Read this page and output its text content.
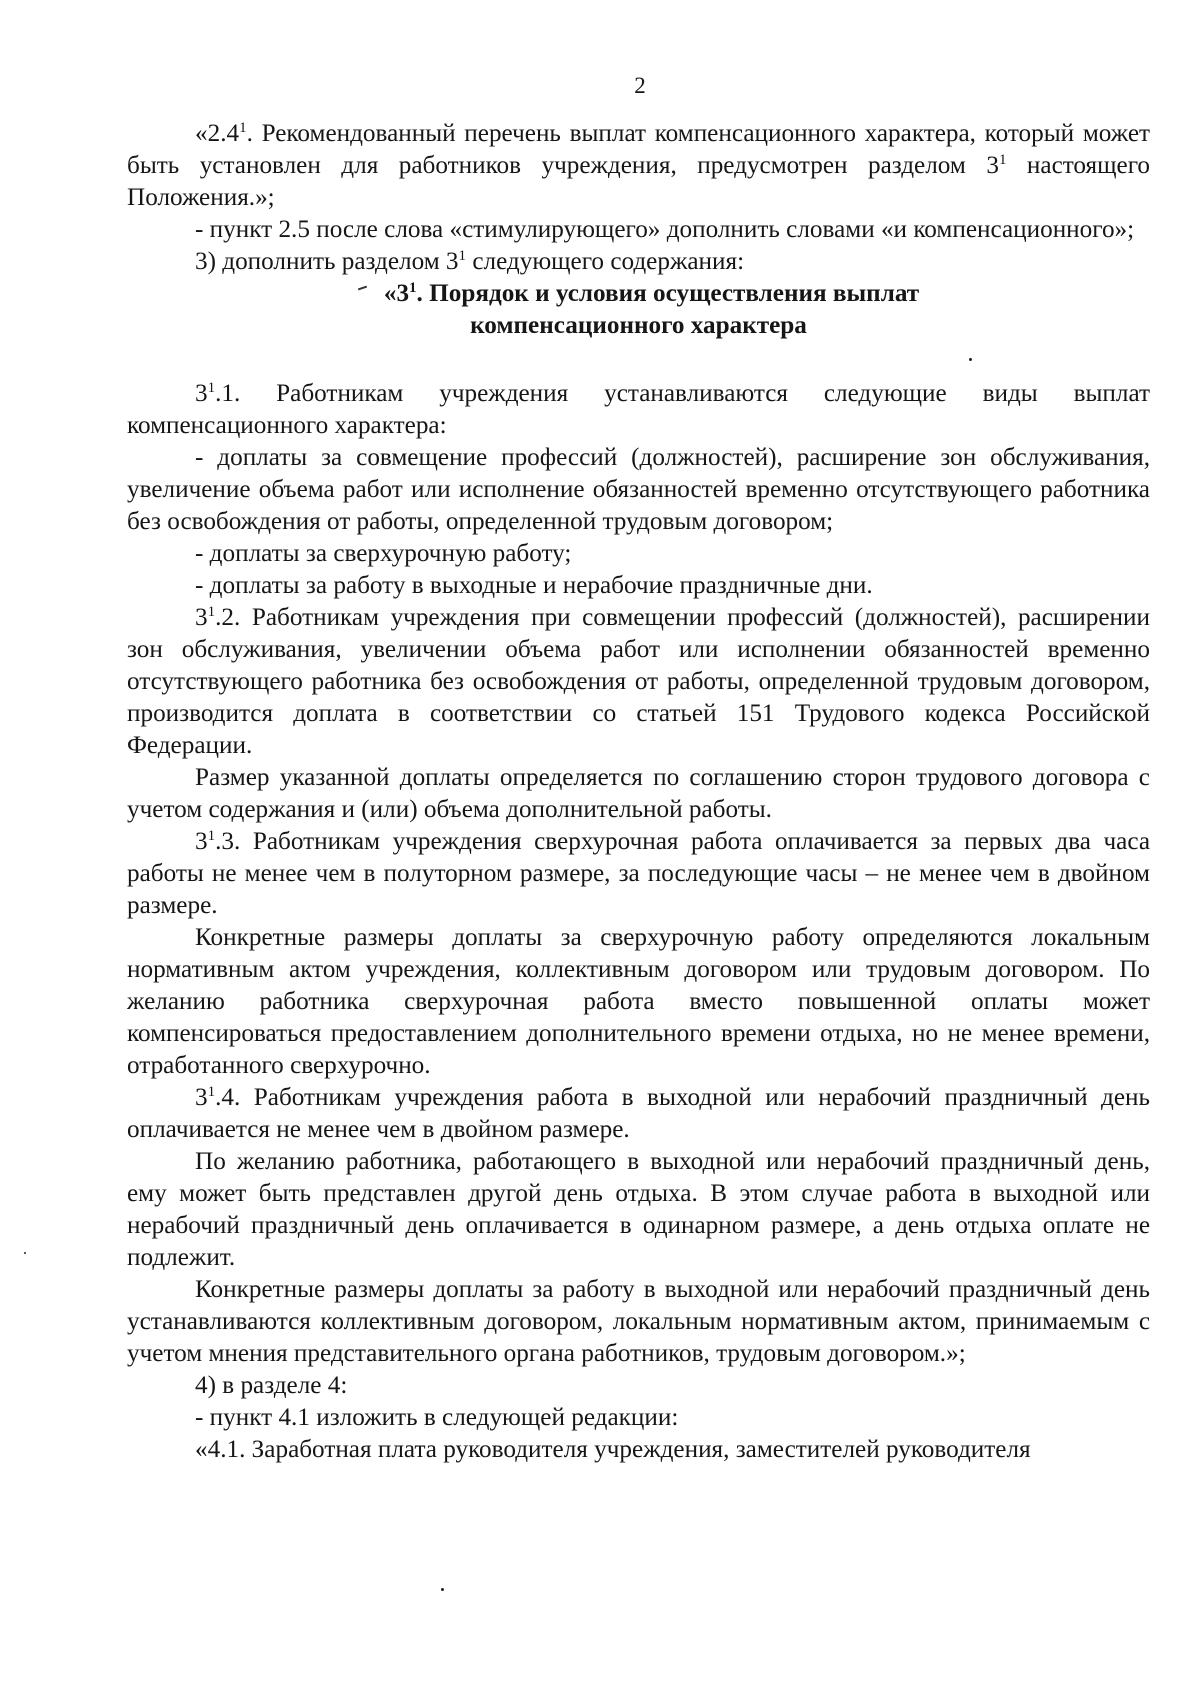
2

«$2.4^1$. Рекомендованный перечень выплат компенсационного характера, который может быть установлен для работников учреждения, предусмотрен разделом $3^1$ настоящего Положения.»;

- пункт 2.5 после слова «стимулирующего» дополнить словами «и компенсационного»;

3) дополнить разделом $3^1$ следующего содержания:

«$3^1$. Порядок и условия осуществления выплат

компенсационного характера

$3^1.1$. Работникам учреждения устанавливаются следующие виды выплат компенсационного характера:

- доплаты за совмещение профессий (должностей), расширение зон обслуживания, увеличение объема работ или исполнение обязанностей временно отсутствующего работника без освобождения от работы, определенной трудовым договором;

- доплаты за сверхурочную работу;

- доплаты за работу в выходные и нерабочие праздничные дни.

$3^1.2$. Работникам учреждения при совмещении профессий (должностей), расширении зон обслуживания, увеличении объема работ или исполнении обязанностей временно отсутствующего работника без освобождения от работы, определенной трудовым договором, производится доплата в соответствии со статьей 151 Трудового кодекса Российской Федерации.

Размер указанной доплаты определяется по соглашению сторон трудового договора с учетом содержания и (или) объема дополнительной работы.

$3^1.3$. Работникам учреждения сверхурочная работа оплачивается за первых два часа работы не менее чем в полуторном размере, за последующие часы – не менее чем в двойном размере.

Конкретные размеры доплаты за сверхурочную работу определяются локальным нормативным актом учреждения, коллективным договором или трудовым договором. По желанию работника сверхурочная работа вместо повышенной оплаты может компенсироваться предоставлением дополнительного времени отдыха, но не менее времени, отработанного сверхурочно.

$3^1.4$. Работникам учреждения работа в выходной или нерабочий праздничный день оплачивается не менее чем в двойном размере.

По желанию работника, работающего в выходной или нерабочий праздничный день, ему может быть представлен другой день отдыха. В этом случае работа в выходной или нерабочий праздничный день оплачивается в одинарном размере, а день отдыха оплате не подлежит.

Конкретные размеры доплаты за работу в выходной или нерабочий праздничный день устанавливаются коллективным договором, локальным нормативным актом, принимаемым с учетом мнения представительного органа работников, трудовым договором.»;

4) в разделе 4:

- пункт 4.1 изложить в следующей редакции:

«4.1. Заработная плата руководителя учреждения, заместителей руководителя
